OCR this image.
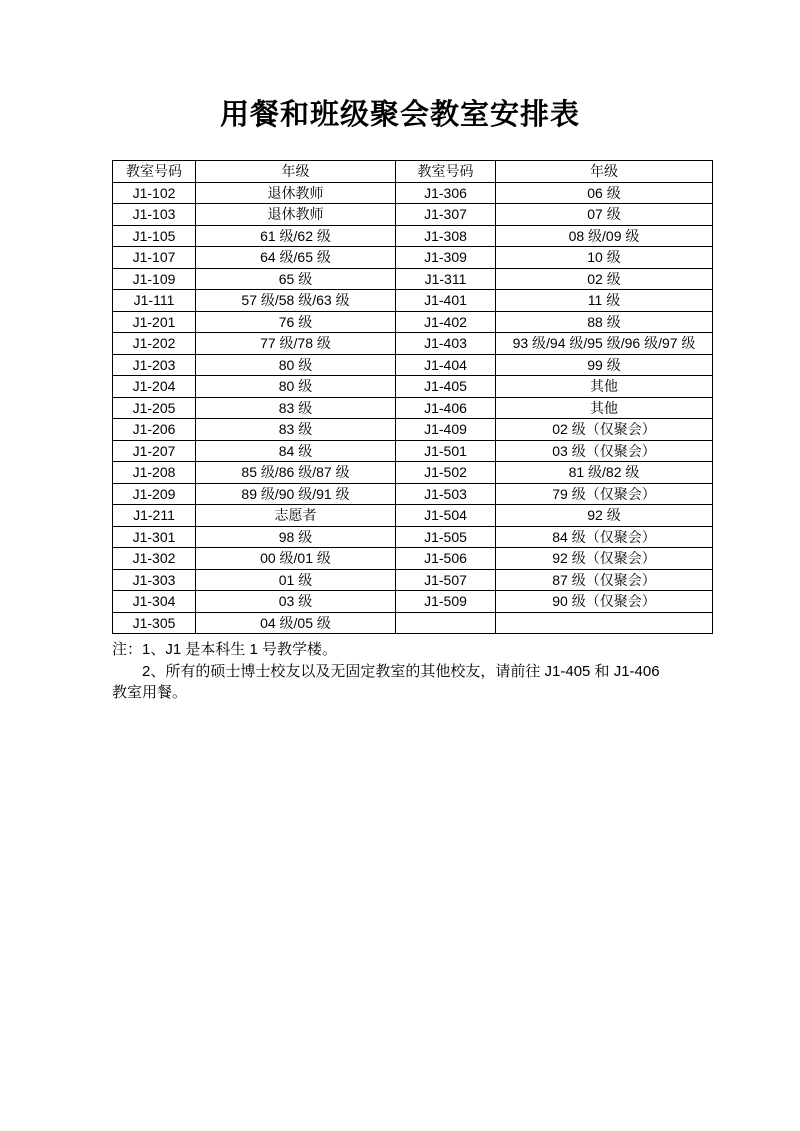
用餐和班级聚会教室安排表
教室号码	年级	教室号码	年级
J1-102	退休教师	J1-306	06 级
J1-103	退休教师	J1-307	07 级
J1-105	61 级/62 级	J1-308	08 级/09 级
J1-107	64 级/65 级	J1-309	10 级
J1-109	65 级	J1-311	02 级
J1-111	57 级/58 级/63 级	J1-401	11 级
J1-201	76 级	J1-402	88 级
J1-202	77 级/78 级	J1-403	93 级/94 级/95 级/96 级/97 级
J1-203	80 级	J1-404	99 级
J1-204	80 级	J1-405	其他
J1-205	83 级	J1-406	其他
J1-206	83 级	J1-409	02 级（仅聚会）
J1-207	84 级	J1-501	03 级（仅聚会）
J1-208	85 级/86 级/87 级	J1-502	81 级/82 级
J1-209	89 级/90 级/91 级	J1-503	79 级（仅聚会）
J1-211	志愿者	J1-504	92 级
J1-301	98 级	J1-505	84 级（仅聚会）
J1-302	00 级/01 级	J1-506	92 级（仅聚会）
J1-303	01 级	J1-507	87 级（仅聚会）
J1-304	03 级	J1-509	90 级（仅聚会）
J1-305	04 级/05 级		
注：1、J1 是本科生 1 号教学楼。
2、所有的硕士博士校友以及无固定教室的其他校友，请前往 J1-405 和 J1-406
教室用餐。
